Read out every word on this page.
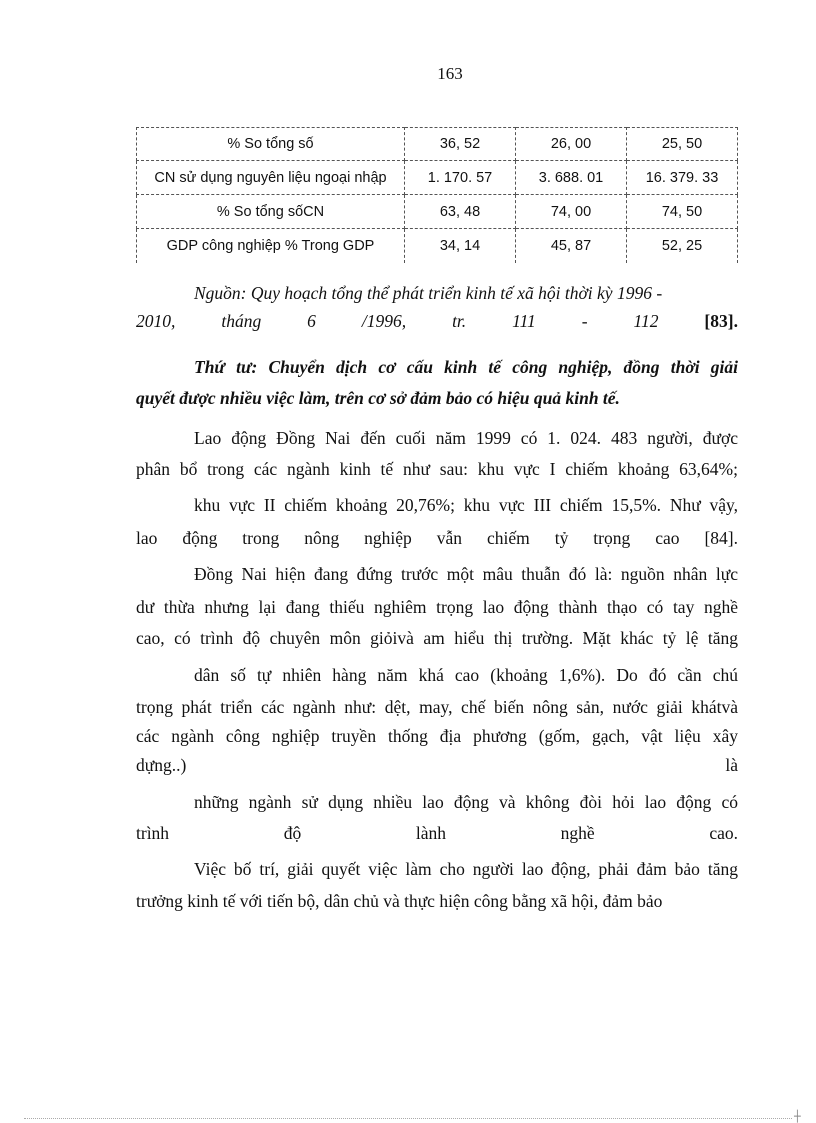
163
% So tổng số	36, 52	26, 00	25, 50
CN sử dụng nguyên liệu ngoại nhập	1. 170. 57	3. 688. 01	16. 379. 33
% So tổng sốCN	63, 48	74, 00	74, 50
GDP công nghiệp % Trong GDP	34, 14	45, 87	52, 25

Nguồn: Quy hoạch tổng thể phát triển kinh tế xã hội thời kỳ 1996 -

2010,	tháng	6	/1996,	tr.	111	-	112	[83].

Thứ tư: Chuyển dịch cơ cấu kinh tế công nghiệp, đồng thời giải

quyết được nhiều việc làm, trên cơ sở đảm bảo có hiệu quả kinh tế.

Lao động Đồng Nai đến cuối năm 1999 có 1. 024. 483 người, được

phân bổ trong các ngành kinh tế như sau: khu vực I chiếm khoảng 63,64%;

khu vực II chiếm khoảng 20,76%; khu vực III chiếm 15,5%. Như vậy,

lao động trong nông nghiệp vẫn chiếm tỷ trọng cao [84].

Đồng Nai hiện đang đứng trước một mâu thuẫn đó là: nguồn nhân lực

dư thừa nhưng lại đang thiếu nghiêm trọng lao động thành thạo có tay nghề

cao, có trình độ chuyên môn giỏivà am hiểu thị trường. Mặt khác tỷ lệ tăng

dân số tự nhiên hàng năm khá cao (khoảng 1,6%). Do đó cần chú

trọng phát triển các ngành như: dệt, may, chế biến nông sản, nước giải khátvà

các ngành công nghiệp truyền thống địa phương (gốm, gạch, vật liệu xây

dựng..) là

những ngành sử dụng nhiều lao động và không đòi hỏi lao động có

trình độ lành nghề cao.

Việc bố trí, giải quyết việc làm cho người lao động, phải đảm bảo tăng

trưởng kinh tế với tiến bộ, dân chủ và thực hiện công bằng xã hội, đảm bảo

┼
